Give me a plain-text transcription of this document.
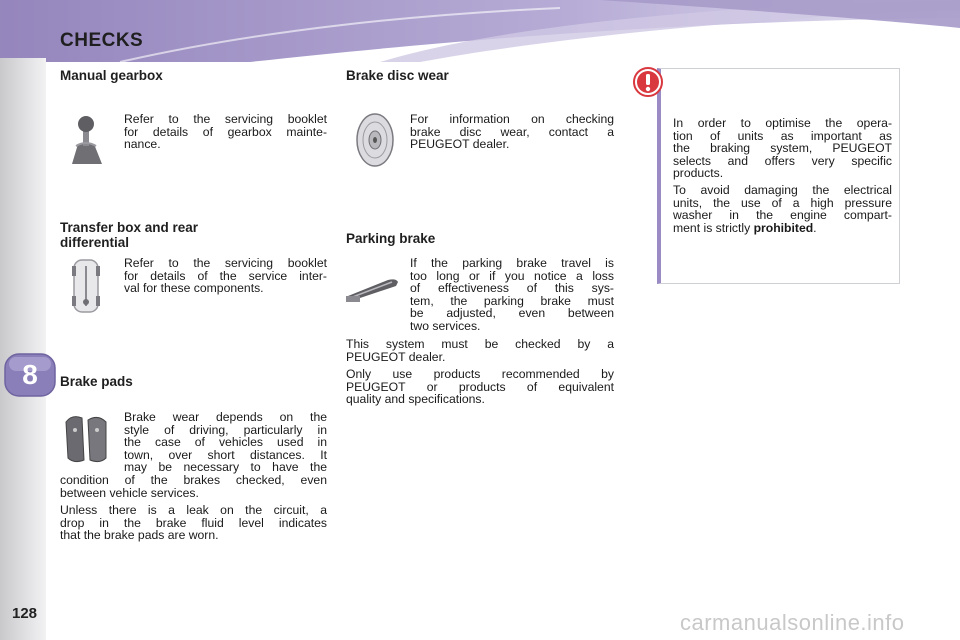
CHECKS
8
128
Manual gearbox

Refer to the servicing booklet
for details of gearbox mainte-
nance.

Transfer box and rear
differential

Refer to the servicing booklet
for details of the service inter-
val for these components.

Brake pads

Brake wear depends on the
style of driving, particularly in
the case of vehicles used in
town, over short distances. It
may be necessary to have the

condition of the brakes checked, even
between vehicle services.

Unless there is a leak on the circuit, a
drop in the brake fluid level indicates
that the brake pads are worn.

Brake disc wear

For information on checking
brake disc wear, contact a
PEUGEOT dealer.

Parking brake

If the parking brake travel is
too long or if you notice a loss
of effectiveness of this sys-
tem, the parking brake must
be adjusted, even between
two services.

This system must be checked by a
PEUGEOT dealer.

Only use products recommended by
PEUGEOT or products of equivalent
quality and specifications.

In order to optimise the opera-
tion of units as important as
the braking system, PEUGEOT
selects and offers very specific
products.

To avoid damaging the electrical
units, the use of a high pressure
washer in the engine compart-
ment is strictly prohibited.

carmanualsonline.info
